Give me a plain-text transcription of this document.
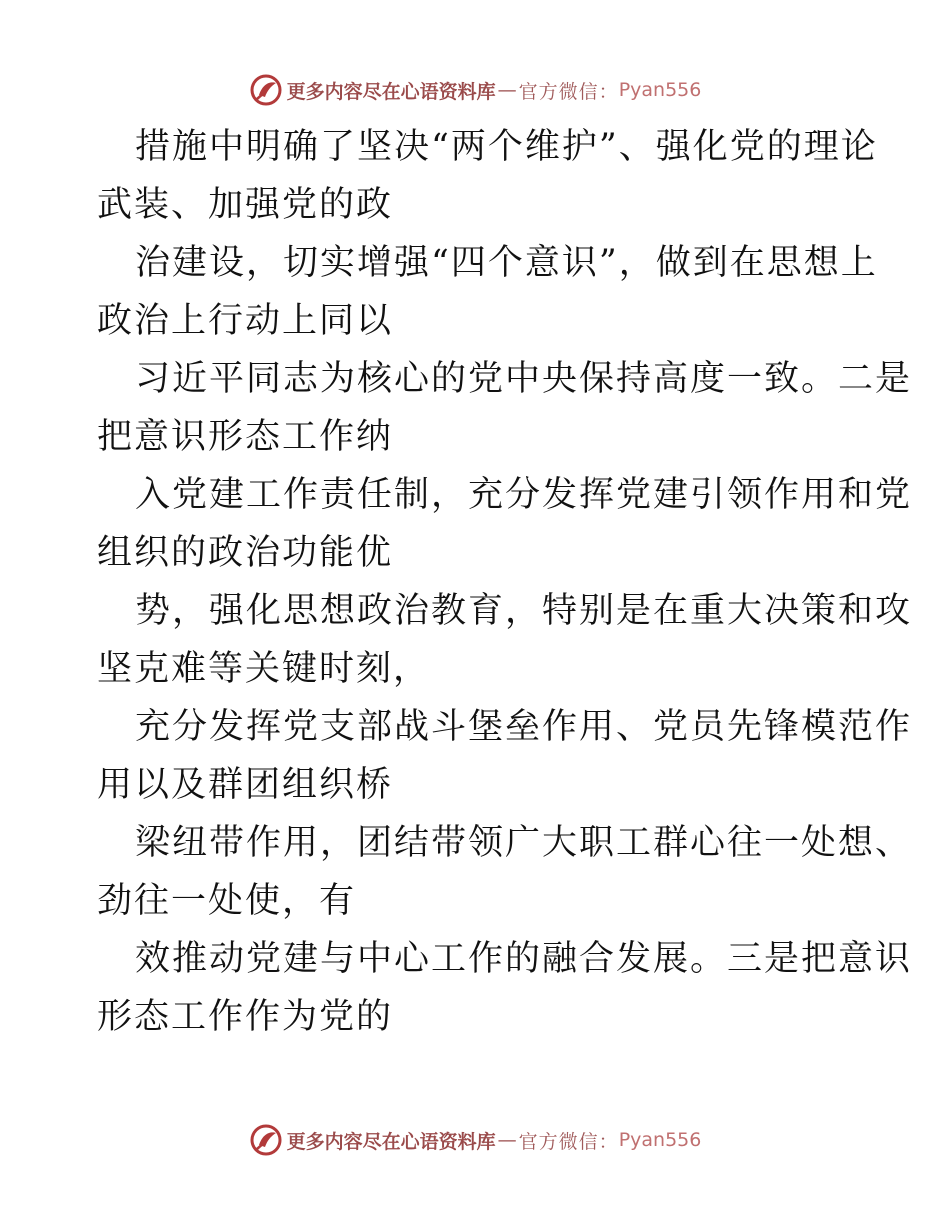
更多内容尽在心语资料库 — 官方微信： Pyan556
措施中明确了坚决“两个维护”、强化党的理论
武装、加强党的政
治建设，切实增强“四个意识”，做到在思想上
政治上行动上同以
习近平同志为核心的党中央保持高度一致。二是
把意识形态工作纳
入党建工作责任制，充分发挥党建引领作用和党
组织的政治功能优
势，强化思想政治教育，特别是在重大决策和攻
坚克难等关键时刻，
充分发挥党支部战斗堡垒作用、党员先锋模范作
用以及群团组织桥
梁纽带作用，团结带领广大职工群心往一处想、
劲往一处使，有
效推动党建与中心工作的融合发展。三是把意识
形态工作作为党的
更多内容尽在心语资料库 — 官方微信： Pyan556
